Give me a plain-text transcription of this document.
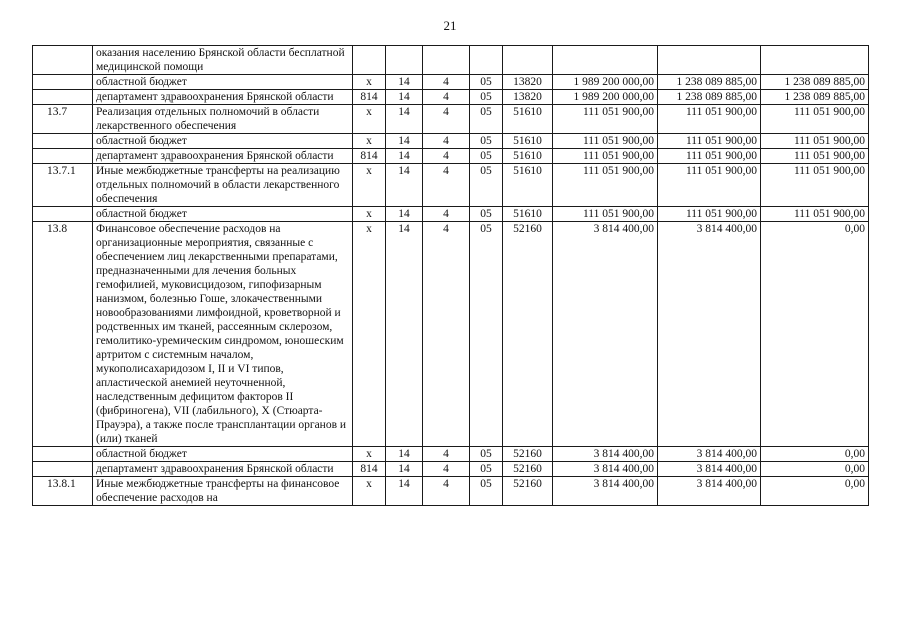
21
	оказания населению Брянской области бесплатной медицинской помощи								
	областной бюджет	x	14	4	05	13820	1 989 200 000,00	1 238 089 885,00	1 238 089 885,00
	департамент здравоохранения Брянской области	814	14	4	05	13820	1 989 200 000,00	1 238 089 885,00	1 238 089 885,00
13.7	Реализация отдельных полномочий в области лекарственного обеспечения	x	14	4	05	51610	111 051 900,00	111 051 900,00	111 051 900,00
	областной бюджет	x	14	4	05	51610	111 051 900,00	111 051 900,00	111 051 900,00
	департамент здравоохранения Брянской области	814	14	4	05	51610	111 051 900,00	111 051 900,00	111 051 900,00
13.7.1	Иные межбюджетные трансферты на реализацию отдельных полномочий в области лекарственного обеспечения	x	14	4	05	51610	111 051 900,00	111 051 900,00	111 051 900,00
	областной бюджет	x	14	4	05	51610	111 051 900,00	111 051 900,00	111 051 900,00
13.8	Финансовое обеспечение расходов на организационные мероприятия, связанные с обеспечением лиц лекарственными препаратами, предназначенными для лечения больных гемофилией, муковисцидозом, гипофизарным нанизмом, болезнью Гоше, злокачественными новообразованиями лимфоидной, кроветворной и родственных им тканей, рассеянным склерозом, гемолитико-уремическим синдромом, юношеским артритом с системным началом, мукополисахаридозом I, II и VI типов, апластической анемией неуточненной, наследственным дефицитом факторов II (фибриногена), VII (лабильного), X (Стюарта-Прауэра), а также после трансплантации органов и (или) тканей	x	14	4	05	52160	3 814 400,00	3 814 400,00	0,00
	областной бюджет	x	14	4	05	52160	3 814 400,00	3 814 400,00	0,00
	департамент здравоохранения Брянской области	814	14	4	05	52160	3 814 400,00	3 814 400,00	0,00
13.8.1	Иные межбюджетные трансферты на финансовое обеспечение расходов на	x	14	4	05	52160	3 814 400,00	3 814 400,00	0,00
